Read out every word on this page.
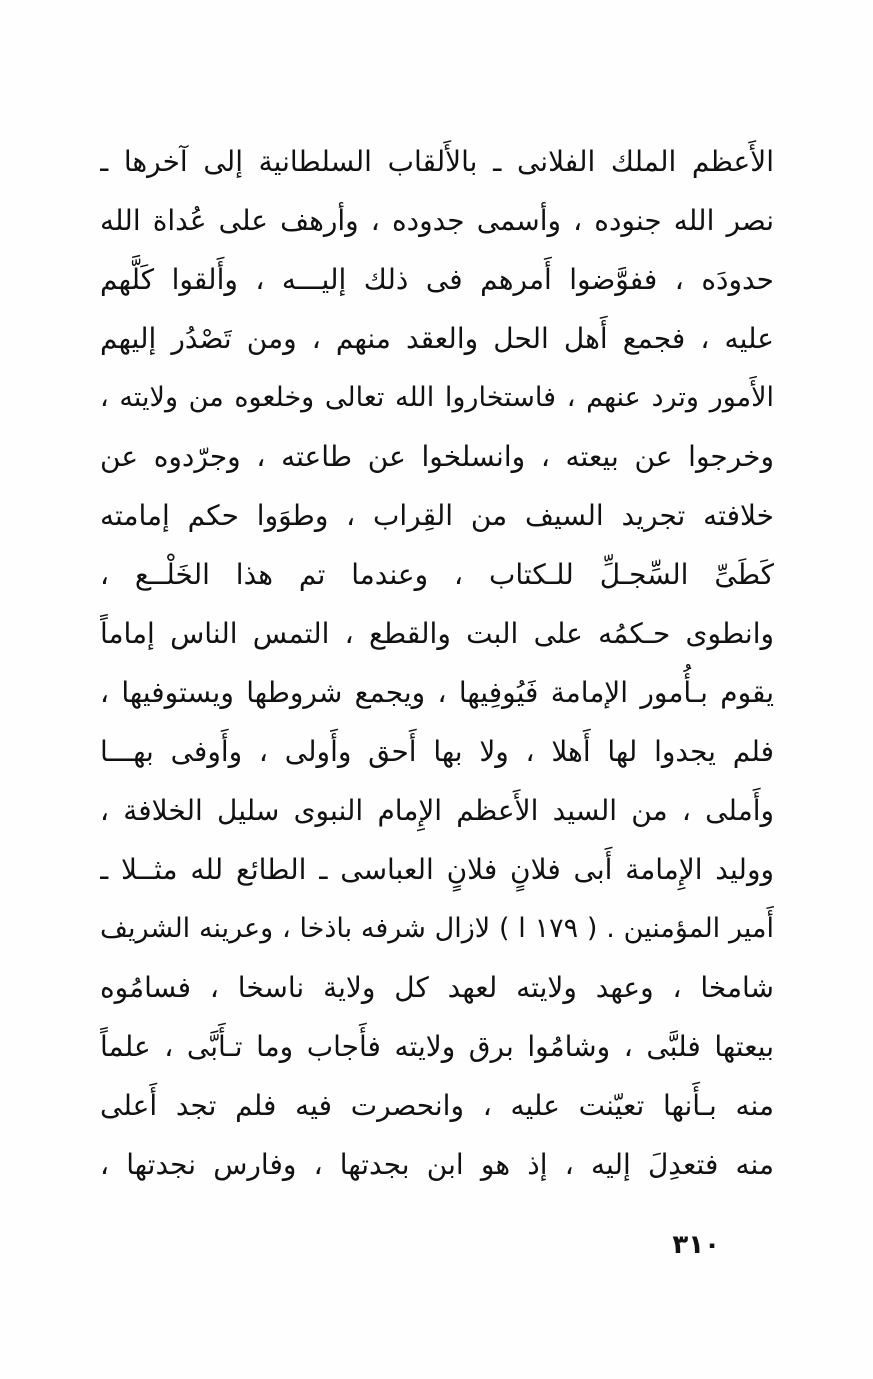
الأَعظم الملك الفلانى ـ بالأَلقاب السلطانية إلى آخرها ـ
نصر الله جنوده ، وأسمى جدوده ، وأرهف على عُداة الله
حدودَه ، ففوَّضوا أَمرهم فى ذلك إليـــه ، وأَلقوا كَلَّهم
عليه ، فجمع أَهل الحل والعقد منهم ، ومن تَصْدُر إليهم
الأَمور وترد عنهم ، فاستخاروا الله تعالى وخلعوه من ولايته ،
وخرجوا عن بيعته ، وانسلخوا عن طاعته ، وجرّدوه عن
خلافته تجريد السيف من القِراب ، وطوَوا حكم إمامته
كَطَىِّ السِّجـلِّ للـكتاب ، وعندما تم هذا الخَلْــع ،
وانطوى حـكمُه على البت والقطع ، التمس الناس إماماً
يقوم بـأُمور الإمامة فَيُوفِيها ، ويجمع شروطها ويستوفيها ،
فلم يجدوا لها أَهلا ، ولا بها أَحق وأَولى ، وأَوفى بهـــا
وأَملى ، من السيد الأَعظم الإِمام النبوى سليل الخلافة ،
ووليد الإِمامة أَبى فلانٍ فلانٍ العباسى ـ الطائع لله مثــلا ـ
أَمير المؤمنين . ( ١٧٩ ا ) لازال شرفه باذخا ، وعرينه الشريف
شامخا ، وعهد ولايته لعهد كل ولاية ناسخا ، فسامُوه
بيعتها فلبَّى ، وشامُوا برق ولايته فأَجاب وما تـأَبَّى ، علماً
منه بـأَنها تعيّنت عليه ، وانحصرت فيه فلم تجد أَعلى
منه فتعدِلَ إليه ، إذ هو ابن بجدتها ، وفارس نجدتها ،
٣١٠
